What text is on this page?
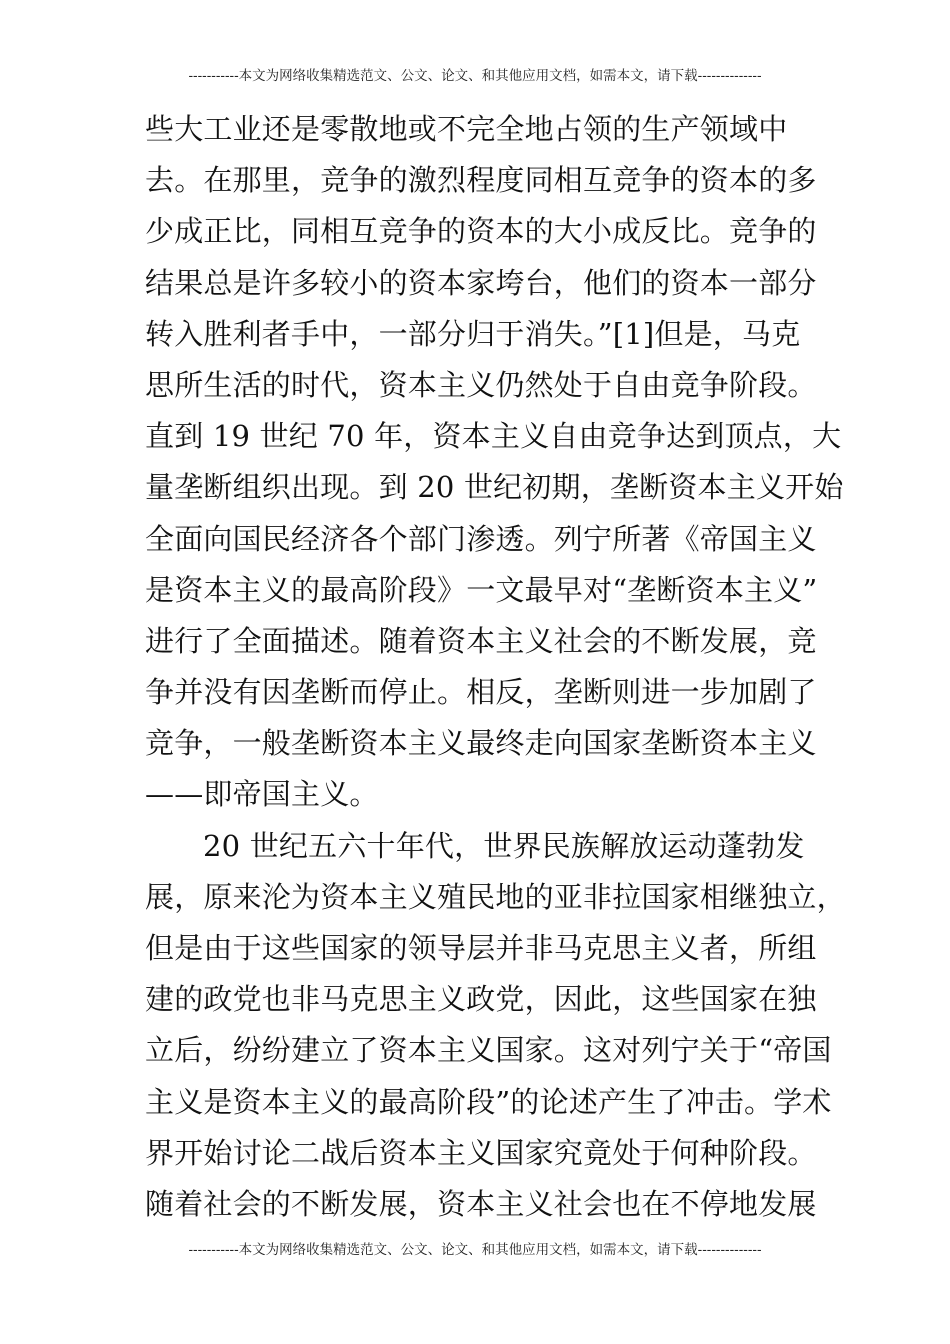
-----------本文为网络收集精选范文、公文、论文、和其他应用文档，如需本文，请下载--------------
些大工业还是零散地或不完全地占领的生产领域中
去。在那里，竞争的激烈程度同相互竞争的资本的多
少成正比，同相互竞争的资本的大小成反比。竞争的
结果总是许多较小的资本家垮台，他们的资本一部分
转入胜利者手中，一部分归于消失。”[1]但是，马克
思所生活的时代，资本主义仍然处于自由竞争阶段。
直到 19 世纪 70 年，资本主义自由竞争达到顶点，大
量垄断组织出现。到 20 世纪初期，垄断资本主义开始
全面向国民经济各个部门渗透。列宁所著《帝国主义
是资本主义的最高阶段》一文最早对“垄断资本主义”
进行了全面描述。随着资本主义社会的不断发展，竞
争并没有因垄断而停止。相反，垄断则进一步加剧了
竞争，一般垄断资本主义最终走向国家垄断资本主义
——即帝国主义。
20 世纪五六十年代，世界民族解放运动蓬勃发
展，原来沦为资本主义殖民地的亚非拉国家相继独立，
但是由于这些国家的领导层并非马克思主义者，所组
建的政党也非马克思主义政党，因此，这些国家在独
立后，纷纷建立了资本主义国家。这对列宁关于“帝国
主义是资本主义的最高阶段”的论述产生了冲击。学术
界开始讨论二战后资本主义国家究竟处于何种阶段。
随着社会的不断发展，资本主义社会也在不停地发展
-----------本文为网络收集精选范文、公文、论文、和其他应用文档，如需本文，请下载--------------
